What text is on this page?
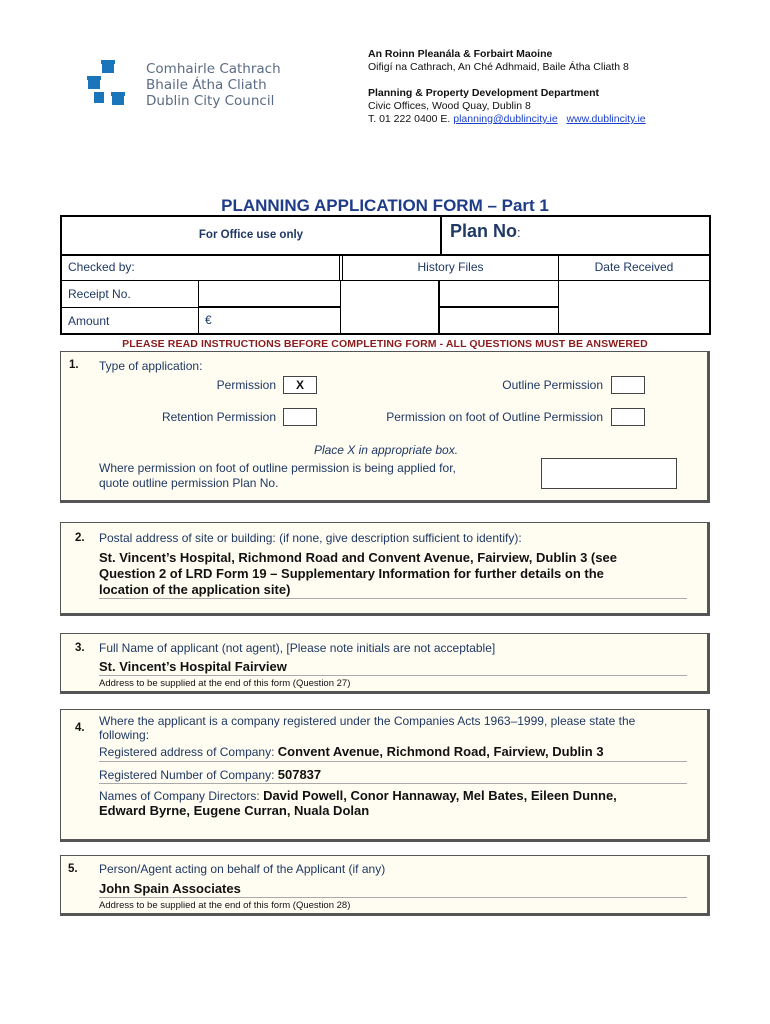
Comhairle Cathrach
Bhaile Átha Cliath
Dublin City Council
An Roinn Pleanála & Forbairt Maoine
Oifigí na Cathrach, An Ché Adhmaid, Baile Átha Cliath 8
Planning & Property Development Department
Civic Offices, Wood Quay, Dublin 8
T. 01 222 0400 E. planning@dublincity.ie www.dublincity.ie
PLANNING APPLICATION FORM – Part 1
For Office use only	Plan No:
Checked by:	History Files	Date Received
Receipt No.
Amount	€
PLEASE READ INSTRUCTIONS BEFORE COMPLETING FORM - ALL QUESTIONS MUST BE ANSWERED
1. Type of application:
Permission	X	Outline Permission
Retention Permission	Permission on foot of Outline Permission
Place X in appropriate box.
Where permission on foot of outline permission is being applied for,
quote outline permission Plan No.
2. Postal address of site or building: (if none, give description sufficient to identify):
St. Vincent’s Hospital, Richmond Road and Convent Avenue, Fairview, Dublin 3 (see
Question 2 of LRD Form 19 – Supplementary Information for further details on the
location of the application site)
3. Full Name of applicant (not agent), [Please note initials are not acceptable]
St. Vincent’s Hospital Fairview
Address to be supplied at the end of this form (Question 27)
4. Where the applicant is a company registered under the Companies Acts 1963–1999, please state the
following:
Registered address of Company: Convent Avenue, Richmond Road, Fairview, Dublin 3
Registered Number of Company: 507837
Names of Company Directors: David Powell, Conor Hannaway, Mel Bates, Eileen Dunne,
Edward Byrne, Eugene Curran, Nuala Dolan
5. Person/Agent acting on behalf of the Applicant (if any)
John Spain Associates
Address to be supplied at the end of this form (Question 28)
